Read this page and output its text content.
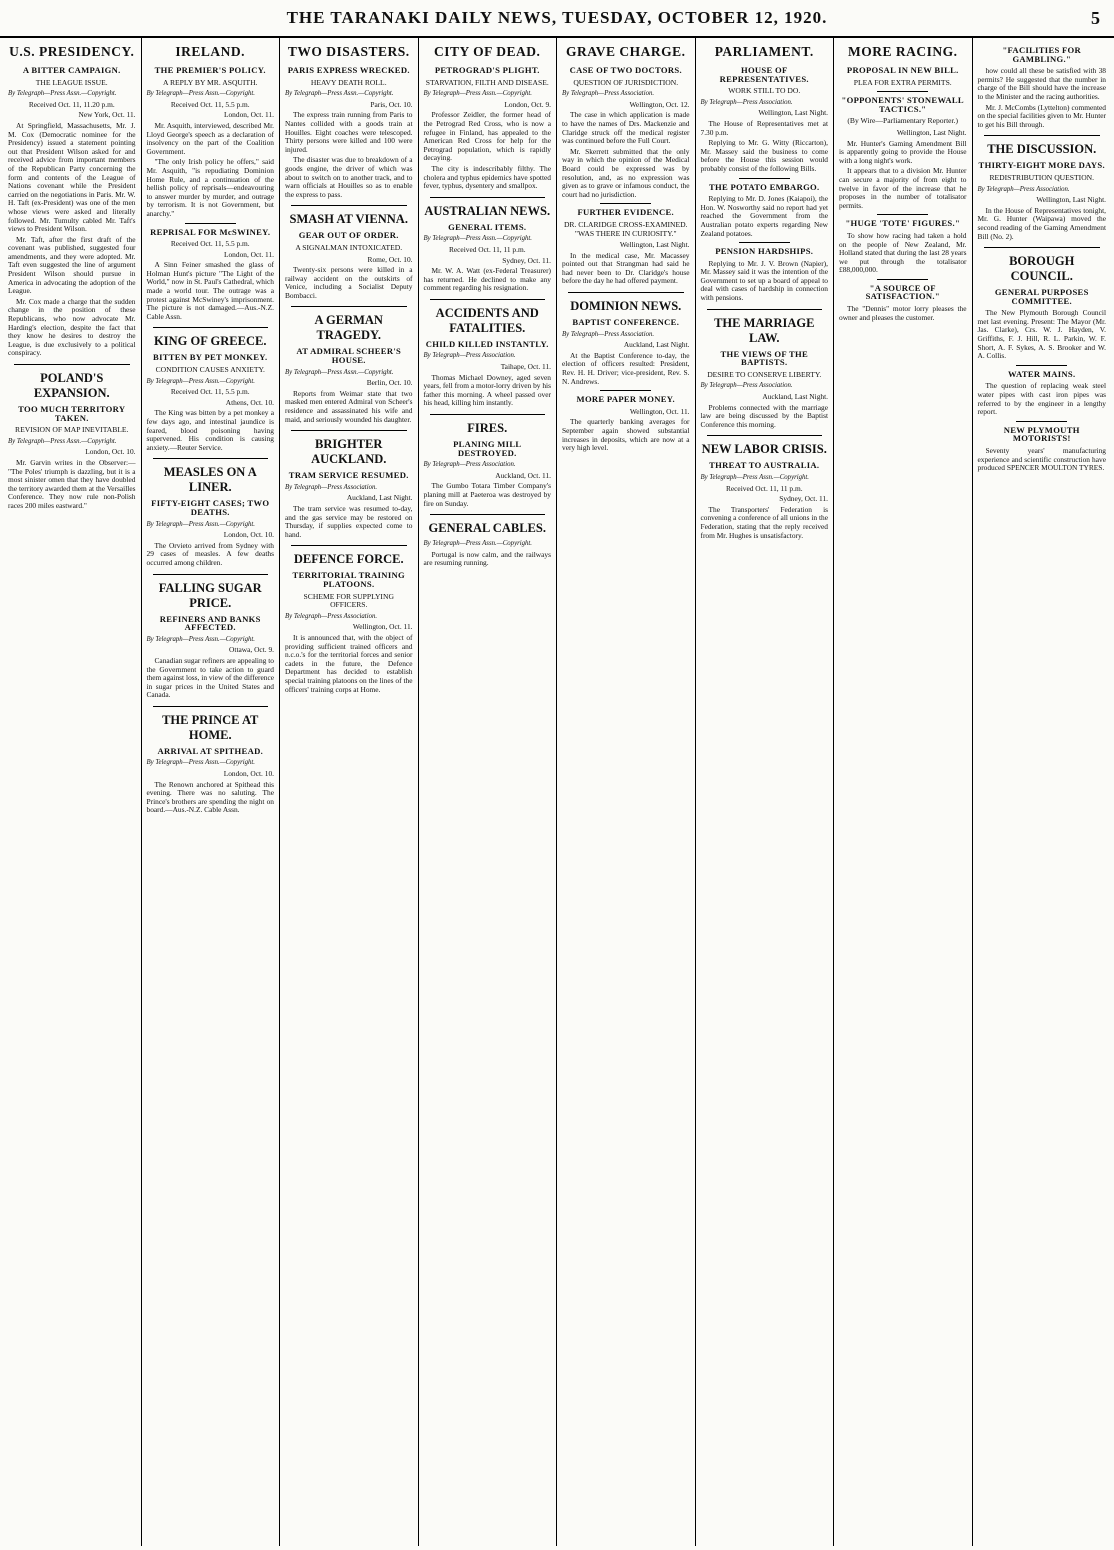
THE TARANAKI DAILY NEWS, TUESDAY, OCTOBER 12, 1920.	5
U.S. PRESIDENCY.
A BITTER CAMPAIGN.
THE LEAGUE ISSUE.
By Telegraph—Press Assn.—Copyright.
Received Oct. 11, 11.20 p.m.
New York, Oct. 11.

At Springfield, Massachusetts, Mr. J. M. Cox (Democratic nominee for the Presidency) issued a statement pointing out that President Wilson asked for and received advice from important members of the Republican Party concerning the form and contents of the League of Nations covenant while the President carried on the negotiations in Paris. Mr. W. H. Taft (ex-President) was one of the men whose views were asked and literally followed. Mr. Tumulty cabled Mr. Taft's views to President Wilson.

Mr. Taft, after the first draft of the covenant was published, suggested four amendments, and they were adopted. Mr. Taft even suggested the line of argument President Wilson should pursue in America in advocating the adoption of the League.

Mr. Cox made a charge that the sudden change in the position of these Republicans, who now advocate Mr. Harding's election, despite the fact that they know he desires to destroy the League, is due exclusively to a political conspiracy.

POLAND'S EXPANSION.
TOO MUCH TERRITORY TAKEN.
REVISION OF MAP INEVITABLE.
By Telegraph—Press Assn.—Copyright.
London, Oct. 10.

Mr. Garvin writes in the Observer:— "The Poles' triumph is dazzling, but it is a most sinister omen that they have doubled the territory awarded them at the Versailles Conference. They now rule non-Polish races 200 miles eastward."

IRELAND.
THE PREMIER'S POLICY.
A REPLY BY MR. ASQUITH.
By Telegraph—Press Assn.—Copyright.
Received Oct. 11, 5.5 p.m.
London, Oct. 11.

Mr. Asquith, interviewed, described Mr. Lloyd George's speech as a declaration of insolvency on the part of the Coalition Government.

"The only Irish policy he offers," said Mr. Asquith, "is repudiating Dominion Home Rule, and a continuation of the hellish policy of reprisals—endeavouring to answer murder by murder, and outrage by terrorism. It is not Government, but anarchy."

REPRISAL FOR McSWINEY.
Received Oct. 11, 5.5 p.m.
London, Oct. 11.

A Sinn Feiner smashed the glass of Holman Hunt's picture "The Light of the World," now in St. Paul's Cathedral, which made a world tour. The outrage was a protest against McSwiney's imprisonment. The picture is not damaged.—Aus.-N.Z. Cable Assn.

KING OF GREECE.
BITTEN BY PET MONKEY.
CONDITION CAUSES ANXIETY.
By Telegraph—Press Assn.—Copyright.
Received Oct. 11, 5.5 p.m.
Athens, Oct. 10.

The King was bitten by a pet monkey a few days ago, and intestinal jaundice is feared, blood poisoning having supervened. His condition is causing anxiety.—Reuter Service.

MEASLES ON A LINER.
FIFTY-EIGHT CASES; TWO DEATHS.
By Telegraph—Press Assn.—Copyright.
London, Oct. 10.

The Orvieto arrived from Sydney with 29 cases of measles. A few deaths occurred among children.

FALLING SUGAR PRICE.
REFINERS AND BANKS AFFECTED.
By Telegraph—Press Assn.—Copyright.
Ottawa, Oct. 9.

Canadian sugar refiners are appealing to the Government to take action to guard them against loss, in view of the difference in sugar prices in the United States and Canada.

THE PRINCE AT HOME.
ARRIVAL AT SPITHEAD.
By Telegraph—Press Assn.—Copyright.
London, Oct. 10.

The Renown anchored at Spithead this evening. There was no saluting. The Prince's brothers are spending the night on board.—Aus.-N.Z. Cable Assn.

TWO DISASTERS.
PARIS EXPRESS WRECKED.
HEAVY DEATH ROLL.
By Telegraph—Press Assn.—Copyright.
Paris, Oct. 10.

The express train running from Paris to Nantes collided with a goods train at Houilles. Eight coaches were telescoped. Thirty persons were killed and 100 were injured.

The disaster was due to breakdown of a goods engine, the driver of which was about to switch on to another track, and to warn officials at Houilles so as to enable the express to pass.

SMASH AT VIENNA.
GEAR OUT OF ORDER.
A SIGNALMAN INTOXICATED.
Rome, Oct. 10.

Twenty-six persons were killed in a railway accident on the outskirts of Venice, including a Socialist Deputy Bombacci.

A GERMAN TRAGEDY.
AT ADMIRAL SCHEER'S HOUSE.
By Telegraph—Press Assn.—Copyright.
Berlin, Oct. 10.

Reports from Weimar state that two masked men entered Admiral von Scheer's residence and assassinated his wife and maid, and seriously wounded his daughter.

BRIGHTER AUCKLAND.
TRAM SERVICE RESUMED.
By Telegraph—Press Association.
Auckland, Last Night.

The tram service was resumed to-day, and the gas service may be restored on Thursday, if supplies expected come to hand.

DEFENCE FORCE.
TERRITORIAL TRAINING PLATOONS.
SCHEME FOR SUPPLYING OFFICERS.
By Telegraph—Press Association.
Wellington, Oct. 11.

It is announced that, with the object of providing sufficient trained officers and n.c.o.'s for the territorial forces and senior cadets in the future, the Defence Department has decided to establish special training platoons on the lines of the officers' training corps at Home.

CITY OF DEAD.
PETROGRAD'S PLIGHT.
STARVATION, FILTH AND DISEASE.
By Telegraph—Press Assn.—Copyright.
London, Oct. 9.

Professor Zeidler, the former head of the Petrograd Red Cross, who is now a refugee in Finland, has appealed to the American Red Cross for help for the Petrograd population, which is rapidly decaying.

The city is indescribably filthy. The cholera and typhus epidemics have spotted fever, typhus, dysentery and smallpox.

AUSTRALIAN NEWS.
GENERAL ITEMS.
By Telegraph—Press Assn.—Copyright.
Received Oct. 11, 11 p.m.
Sydney, Oct. 11.

Mr. W. A. Watt (ex-Federal Treasurer) has returned. He declined to make any comment regarding his resignation.

ACCIDENTS AND FATALITIES.
CHILD KILLED INSTANTLY.
By Telegraph—Press Association.
Taihape, Oct. 11.

Thomas Michael Downey, aged seven years, fell from a motor-lorry driven by his father this morning. A wheel passed over his head, killing him instantly.

FIRES.
PLANING MILL DESTROYED.
By Telegraph—Press Association.
Auckland, Oct. 11.

The Gumbo Totara Timber Company's planing mill at Paeteroa was destroyed by fire on Sunday.

GENERAL CABLES.
By Telegraph—Press Assn.—Copyright.

Portugal is now calm, and the railways are resuming running.

GRAVE CHARGE.
CASE OF TWO DOCTORS.
QUESTION OF JURISDICTION.
By Telegraph—Press Association.
Wellington, Oct. 12.

The case in which application is made to have the names of Drs. Mackenzie and Claridge struck off the medical register was continued before the Full Court.

Mr. Skerrett submitted that the only way in which the opinion of the Medical Board could be expressed was by resolution, and, as no expression was given as to grave or infamous conduct, the court had no jurisdiction.

FURTHER EVIDENCE.
DR. CLARIDGE CROSS-EXAMINED. "WAS THERE IN CURIOSITY."
Wellington, Last Night.

In the medical case, Mr. Macassey pointed out that Strangman had said he had never been to Dr. Claridge's house before the day he had offered payment.

DOMINION NEWS.
BAPTIST CONFERENCE.
By Telegraph—Press Association.
Auckland, Last Night.

At the Baptist Conference to-day, the election of officers resulted: President, Rev. H. H. Driver; vice-president, Rev. S. N. Andrews.

MORE PAPER MONEY.
Wellington, Oct. 11.

The quarterly banking averages for September again showed substantial increases in deposits, which are now at a very high level.

PARLIAMENT.
HOUSE OF REPRESENTATIVES.
WORK STILL TO DO.
By Telegraph—Press Association.
Wellington, Last Night.

The House of Representatives met at 7.30 p.m.

Replying to Mr. G. Witty (Riccarton), Mr. Massey said the business to come before the House this session would probably consist of the following Bills.

THE POTATO EMBARGO.

Replying to Mr. D. Jones (Kaiapoi), the Hon. W. Nosworthy said no report had yet reached the Government from the Australian potato experts regarding New Zealand potatoes.

PENSION HARDSHIPS.

Replying to Mr. J. V. Brown (Napier), Mr. Massey said it was the intention of the Government to set up a board of appeal to deal with cases of hardship in connection with pensions.

THE MARRIAGE LAW.
THE VIEWS OF THE BAPTISTS.
DESIRE TO CONSERVE LIBERTY.
By Telegraph—Press Association.
Auckland, Last Night.

Problems connected with the marriage law are being discussed by the Baptist Conference this morning.

NEW LABOR CRISIS.
THREAT TO AUSTRALIA.
By Telegraph—Press Assn.—Copyright.
Received Oct. 11, 11 p.m.
Sydney, Oct. 11.

The Transporters' Federation is convening a conference of all unions in the Federation, stating that the reply received from Mr. Hughes is unsatisfactory.

MORE RACING.
PROPOSAL IN NEW BILL.
PLEA FOR EXTRA PERMITS.
"OPPONENTS' STONEWALL TACTICS."
(By Wire—Parliamentary Reporter.)
Wellington, Last Night.

Mr. Hunter's Gaming Amendment Bill is apparently going to provide the House with a long night's work.

It appears that to a division Mr. Hunter can secure a majority of from eight to twelve in favor of the increase that he proposes in the number of totalisator permits.

"HUGE 'TOTE' FIGURES."

To show how racing had taken a hold on the people of New Zealand, Mr. Holland stated that during the last 28 years we put through the totalisator £88,000,000.

"A SOURCE OF SATISFACTION."

The "Dennis" motor lorry pleases the owner and pleases the customer.

"FACILITIES FOR GAMBLING."

how could all these be satisfied with 38 permits? He suggested that the number in charge of the Bill should have the increase to the Minister and the racing authorities.

Mr. J. McCombs (Lyttelton) commented on the special facilities given to Mr. Hunter to get his Bill through.

THE DISCUSSION.
THIRTY-EIGHT MORE DAYS.
REDISTRIBUTION QUESTION.
By Telegraph—Press Association.
Wellington, Last Night.

In the House of Representatives tonight, Mr. G. Hunter (Waipawa) moved the second reading of the Gaming Amendment Bill (No. 2).

BOROUGH COUNCIL.
GENERAL PURPOSES COMMITTEE.

The New Plymouth Borough Council met last evening. Present: The Mayor (Mr. Jas. Clarke), Crs. W. J. Hayden, V. Griffiths, F. J. Hill, R. L. Parkin, W. F. Short, A. F. Sykes, A. S. Brooker and W. A. Collis.

WATER MAINS.

The question of replacing weak steel water pipes with cast iron pipes was referred to by the engineer in a lengthy report.

NEW PLYMOUTH MOTORISTS!

Seventy years' manufacturing experience and scientific construction have produced SPENCER MOULTON TYRES.
